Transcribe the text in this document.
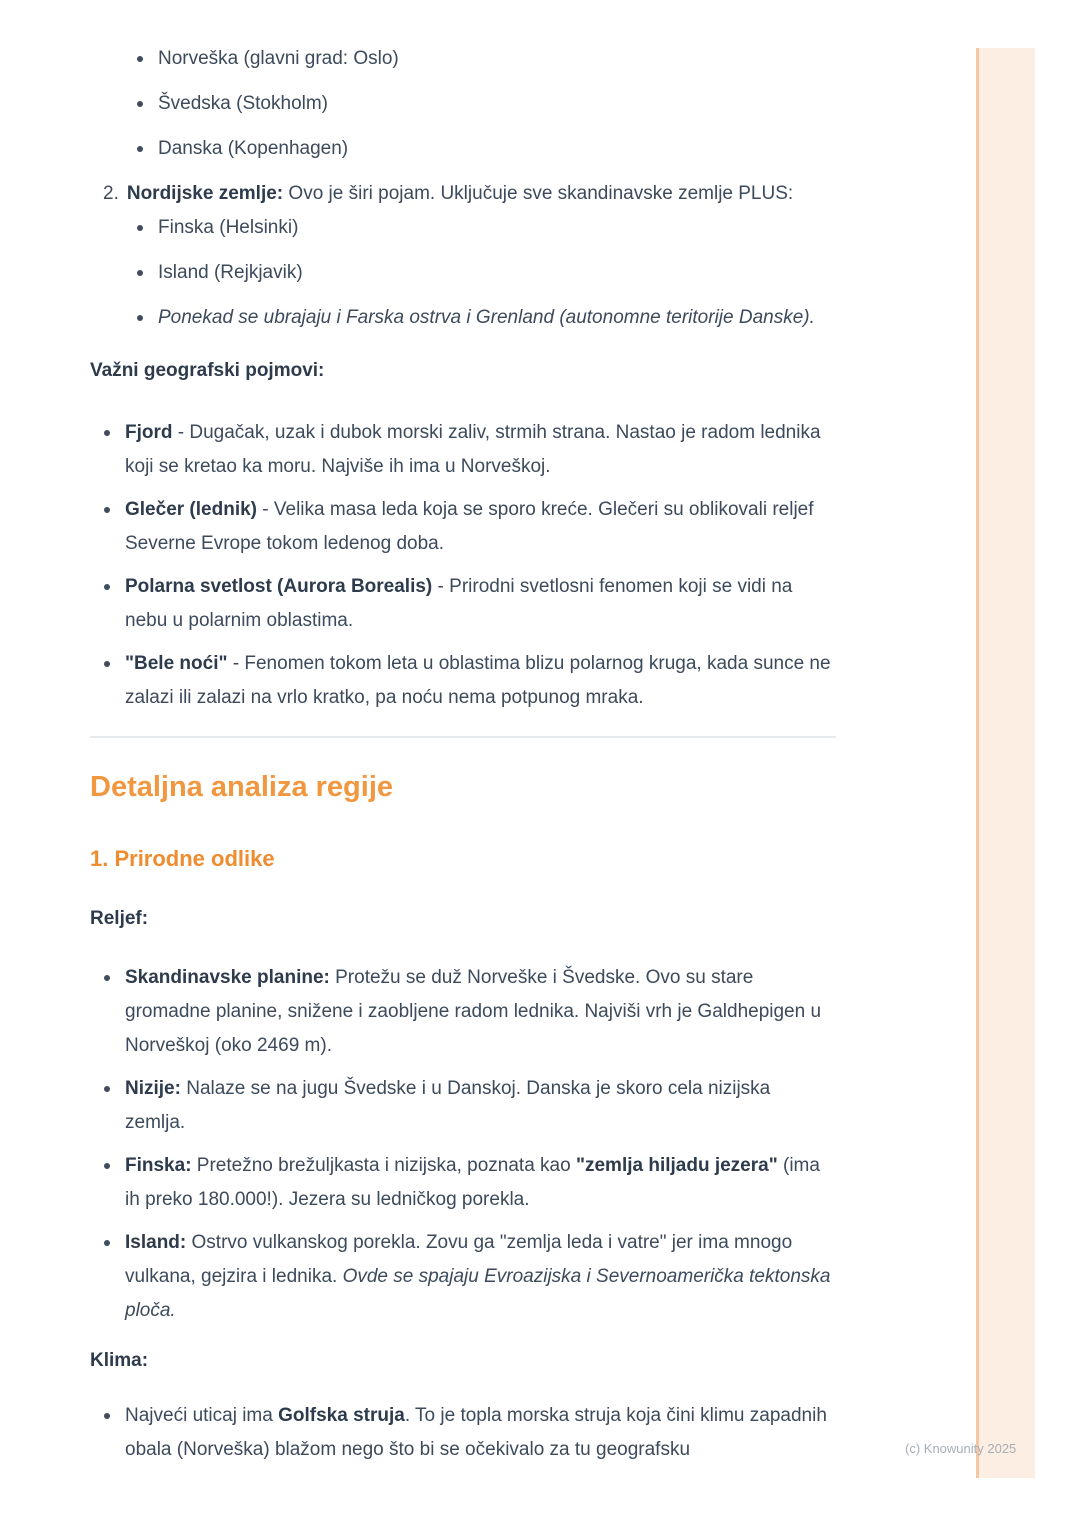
(c) Knowunity 2025
Norveška (glavni grad: Oslo)
Švedska (Stokholm)
Danska (Kopenhagen)
2. Nordijske zemlje: Ovo je širi pojam. Uključuje sve skandinavske zemlje PLUS:
Finska (Helsinki)
Island (Rejkjavik)
Ponekad se ubrajaju i Farska ostrva i Grenland (autonomne teritorije Danske).

Važni geografski pojmovi:

Fjord - Dugačak, uzak i dubok morski zaliv, strmih strana. Nastao je radom lednika koji se kretao ka moru. Najviše ih ima u Norveškoj.
Glečer (lednik) - Velika masa leda koja se sporo kreće. Glečeri su oblikovali reljef Severne Evrope tokom ledenog doba.
Polarna svetlost (Aurora Borealis) - Prirodni svetlosni fenomen koji se vidi na nebu u polarnim oblastima.
"Bele noći" - Fenomen tokom leta u oblastima blizu polarnog kruga, kada sunce ne zalazi ili zalazi na vrlo kratko, pa noću nema potpunog mraka.
Detaljna analiza regije
1. Prirodne odlike

Reljef:

Skandinavske planine: Protežu se duž Norveške i Švedske. Ovo su stare gromadne planine, snižene i zaobljene radom lednika. Najviši vrh je Galdhepigen u Norveškoj (oko 2469 m).
Nizije: Nalaze se na jugu Švedske i u Danskoj. Danska je skoro cela nizijska zemlja.
Finska: Pretežno brežuljkasta i nizijska, poznata kao "zemlja hiljadu jezera" (ima ih preko 180.000!). Jezera su ledničkog porekla.
Island: Ostrvo vulkanskog porekla. Zovu ga "zemlja leda i vatre" jer ima mnogo vulkana, gejzira i lednika. Ovde se spajaju Evroazijska i Severnoamerička tektonska ploča.

Klima:

Najveći uticaj ima Golfska struja. To je topla morska struja koja čini klimu zapadnih obala (Norveška) blažom nego što bi se očekivalo za tu geografsku
